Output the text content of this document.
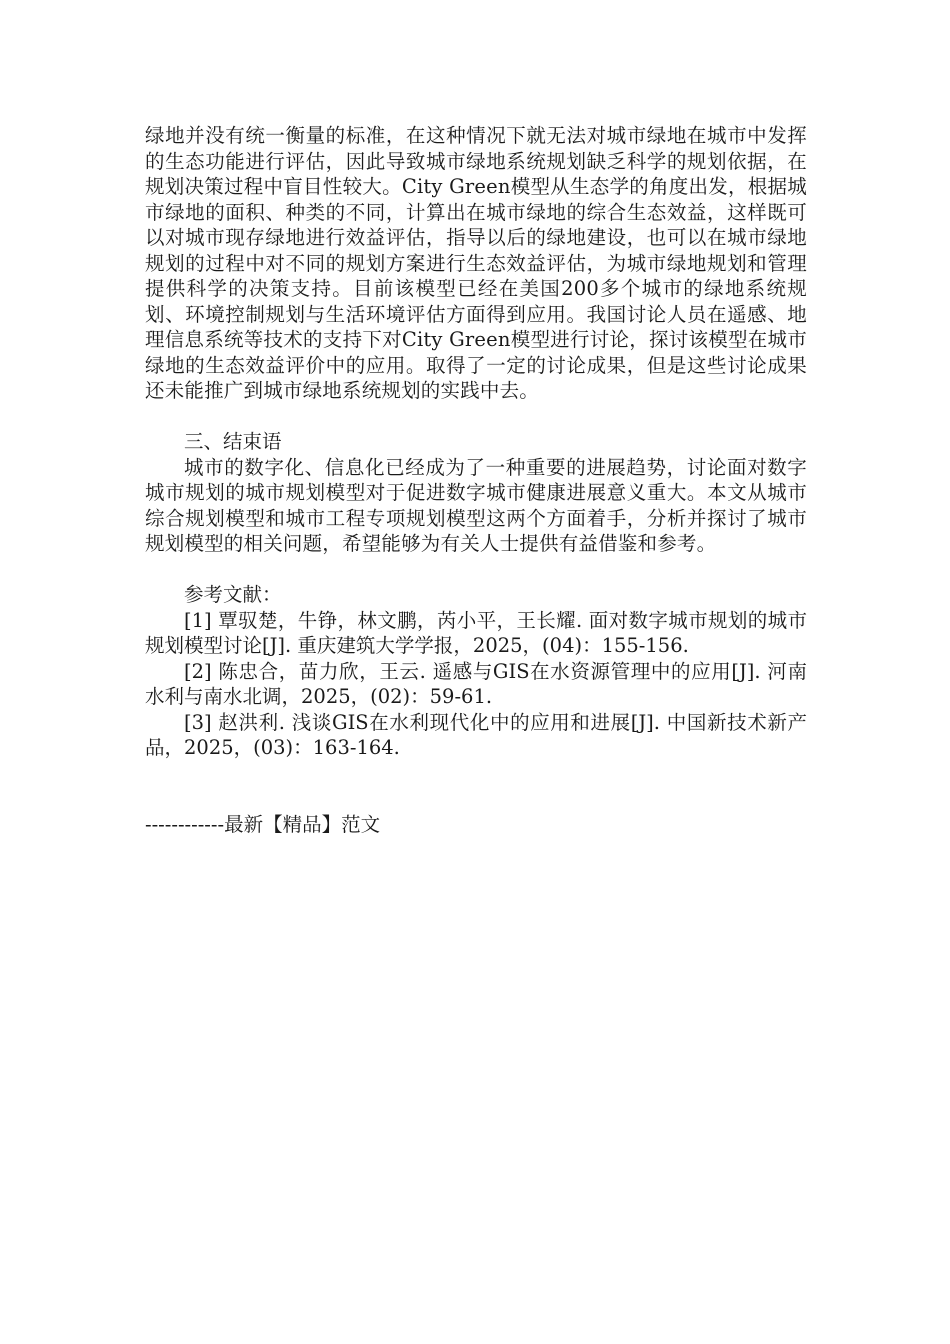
绿地并没有统一衡量的标准，在这种情况下就无法对城市绿地在城市中发挥的生态功能进行评估，因此导致城市绿地系统规划缺乏科学的规划依据，在规划决策过程中盲目性较大。City Green模型从生态学的角度出发，根据城市绿地的面积、种类的不同，计算出在城市绿地的综合生态效益，这样既可以对城市现存绿地进行效益评估，指导以后的绿地建设，也可以在城市绿地规划的过程中对不同的规划方案进行生态效益评估，为城市绿地规划和管理提供科学的决策支持。目前该模型已经在美国200多个城市的绿地系统规划、环境控制规划与生活环境评估方面得到应用。我国讨论人员在遥感、地理信息系统等技术的支持下对City Green模型进行讨论，探讨该模型在城市绿地的生态效益评价中的应用。取得了一定的讨论成果，但是这些讨论成果还未能推广到城市绿地系统规划的实践中去。

三、结束语

城市的数字化、信息化已经成为了一种重要的进展趋势，讨论面对数字城市规划的城市规划模型对于促进数字城市健康进展意义重大。本文从城市综合规划模型和城市工程专项规划模型这两个方面着手，分析并探讨了城市规划模型的相关问题，希望能够为有关人士提供有益借鉴和参考。

参考文献：

[1] 覃驭楚，牛铮，林文鹏，芮小平，王长耀. 面对数字城市规划的城市规划模型讨论[J]. 重庆建筑大学学报，2025，(04)：155-156.

[2] 陈忠合，苗力欣，王云. 遥感与GIS在水资源管理中的应用[J]. 河南水利与南水北调，2025，(02)：59-61.

[3] 赵洪利. 浅谈GIS在水利现代化中的应用和进展[J]. 中国新技术新产品，2025，(03)：163-164.

------------最新【精品】范文
